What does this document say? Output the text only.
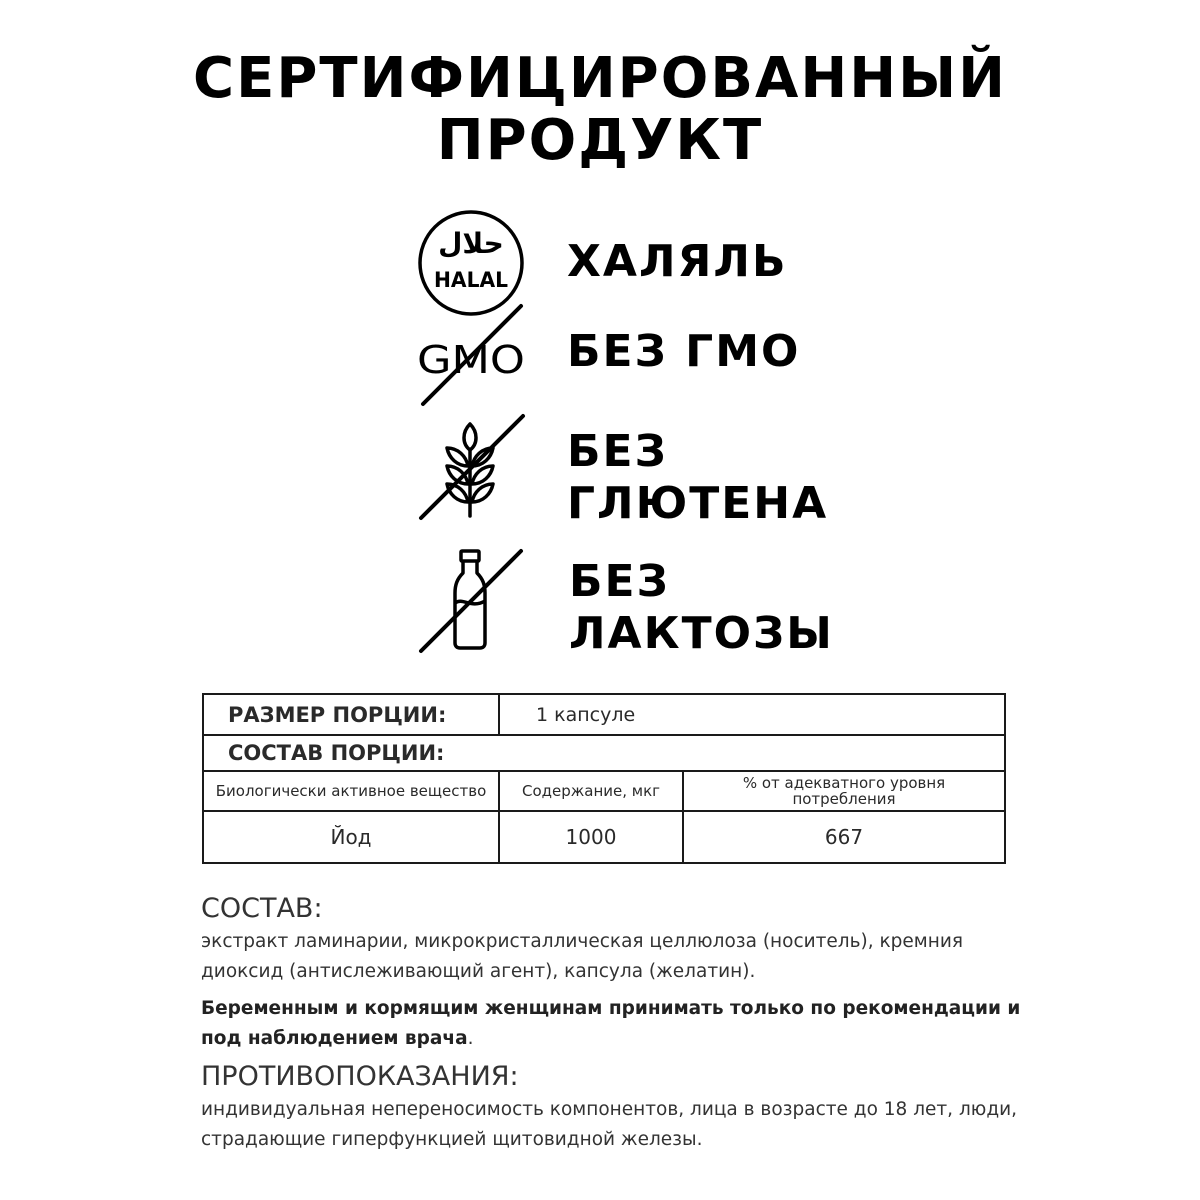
СЕРТИФИЦИРОВАННЫЙ
ПРОДУКТ
حلال
HALAL ХАЛЯЛЬ
GMO БЕЗ ГМО
БЕЗ
ГЛЮТЕНА
БЕЗ
ЛАКТОЗЫ
РАЗМЕР ПОРЦИИ:	1 капсуле	
СОСТАВ ПОРЦИИ:		
Биологически активное вещество	Содержание, мкг	% от адекватного уровня потребления
Йод	1000	667
СОСТАВ:
экстракт ламинарии, микрокристаллическая целлюлоза (носитель), кремния диоксид (антислеживающий агент), капсула (желатин).
Беременным и кормящим женщинам принимать только по рекомендации и под наблюдением врача.
ПРОТИВОПОКАЗАНИЯ:
индивидуальная непереносимость компонентов, лица в возрасте до 18 лет, люди, страдающие гиперфункцией щитовидной железы.
